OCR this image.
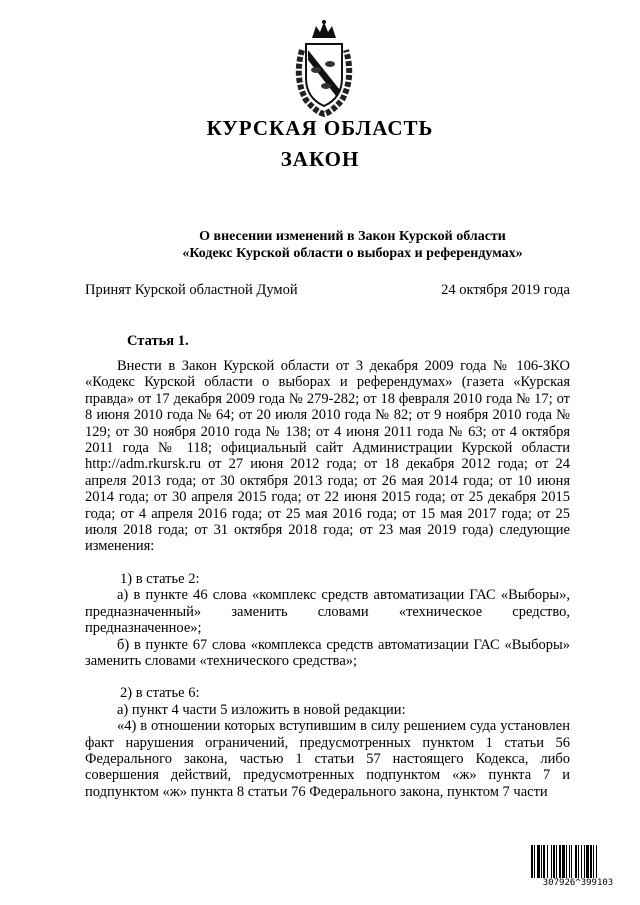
КУРСКАЯ ОБЛАСТЬ
ЗАКОН
О внесении изменений в Закон Курской области
«Кодекс Курской области о выборах и референдумах»
Принят Курской областной Думой	24 октября 2019 года
Статья 1.

Внести в Закон Курской области от 3 декабря 2009 года № 106-ЗКО «Кодекс Курской области о выборах и референдумах» (газета «Курская правда» от 17 декабря 2009 года № 279-282; от 18 февраля 2010 года № 17; от 8 июня 2010 года № 64; от 20 июля 2010 года № 82; от 9 ноября 2010 года № 129; от 30 ноября 2010 года № 138; от 4 июня 2011 года № 63; от 4 октября 2011 года № 118; официальный сайт Администрации Курской области http://adm.rkursk.ru от 27 июня 2012 года; от 18 декабря 2012 года; от 24 апреля 2013 года; от 30 октября 2013 года; от 26 мая 2014 года; от 10 июня 2014 года; от 30 апреля 2015 года; от 22 июня 2015 года; от 25 декабря 2015 года; от 4 апреля 2016 года; от 25 мая 2016 года; от 15 мая 2017 года; от 25 июля 2018 года; от 31 октября 2018 года; от 23 мая 2019 года) следующие изменения:

1) в статье 2:

а) в пункте 46 слова «комплекс средств автоматизации ГАС «Выборы», предназначенный» заменить словами «техническое средство, предназначенное»;

б) в пункте 67 слова «комплекса средств автоматизации ГАС «Выборы» заменить словами «технического средства»;

2) в статье 6:

а) пункт 4 части 5 изложить в новой редакции:

«4) в отношении которых вступившим в силу решением суда установлен факт нарушения ограничений, предусмотренных пунктом 1 статьи 56 Федерального закона, частью 1 статьи 57 настоящего Кодекса, либо совершения действий, предусмотренных подпунктом «ж» пункта 7 и подпунктом «ж» пункта 8 статьи 76 Федерального закона, пунктом 7 части

307926^399103
